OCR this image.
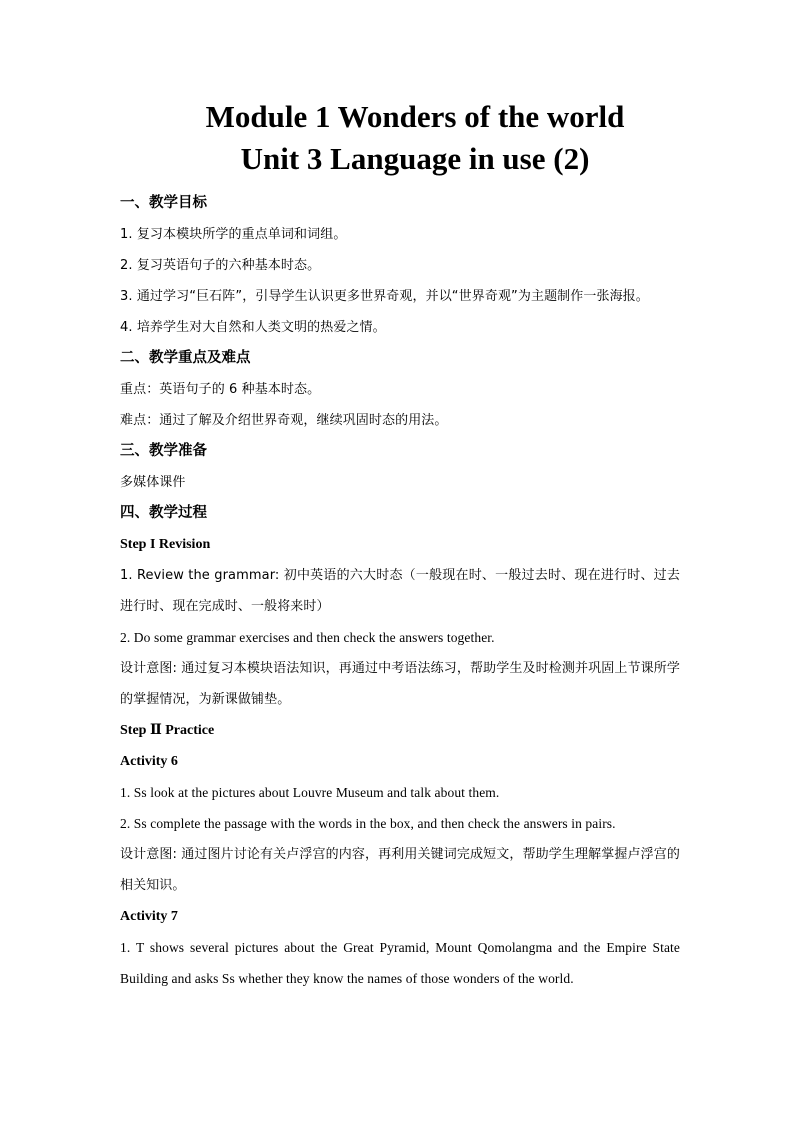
Module 1 Wonders of the world
Unit 3 Language in use (2)
一、教学目标
1. 复习本模块所学的重点单词和词组。
2. 复习英语句子的六种基本时态。
3. 通过学习“巨石阵”，引导学生认识更多世界奇观，并以“世界奇观”为主题制作一张海报。
4. 培养学生对大自然和人类文明的热爱之情。
二、教学重点及难点
重点：英语句子的 6 种基本时态。
难点：通过了解及介绍世界奇观，继续巩固时态的用法。
三、教学准备
多媒体课件
四、教学过程
Step I Revision
1. Review the grammar: 初中英语的六大时态（一般现在时、一般过去时、现在进行时、过去进行时、现在完成时、一般将来时）
2. Do some grammar exercises and then check the answers together.
设计意图: 通过复习本模块语法知识，再通过中考语法练习，帮助学生及时检测并巩固上节课所学的掌握情况，为新课做铺垫。
Step Ⅱ Practice
Activity 6
1. Ss look at the pictures about Louvre Museum and talk about them.
2. Ss complete the passage with the words in the box, and then check the answers in pairs.
设计意图: 通过图片讨论有关卢浮宫的内容，再利用关键词完成短文，帮助学生理解掌握卢浮宫的相关知识。
Activity 7
1. T shows several pictures about the Great Pyramid, Mount Qomolangma and the Empire State Building and asks Ss whether they know the names of those wonders of the world.
